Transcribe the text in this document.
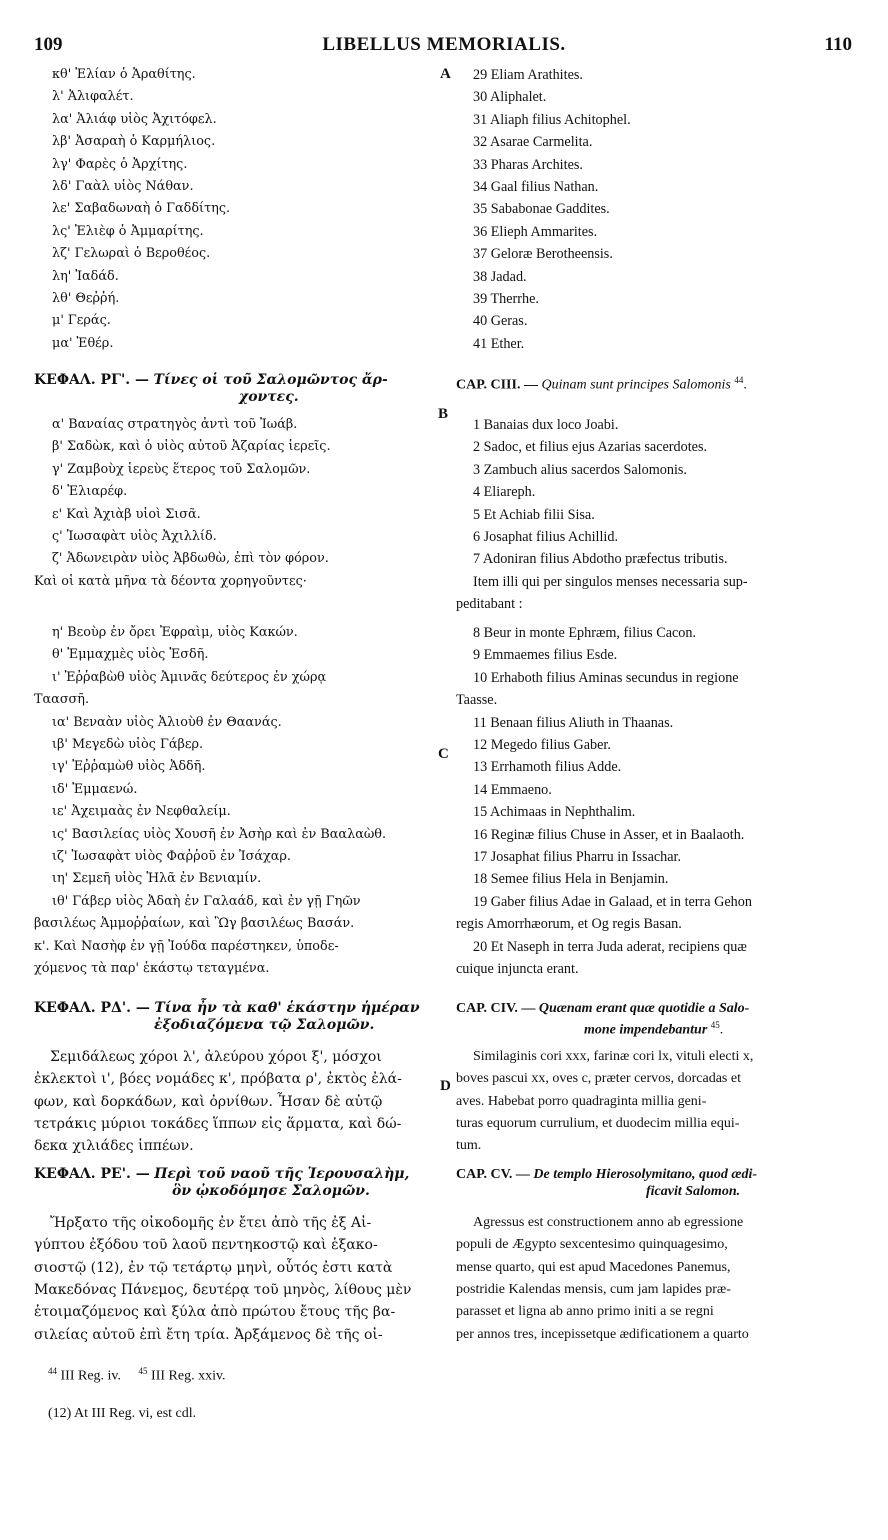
109	LIBELLUS MEMORIALIS.	110
A
B
C
D
κθ' Ἐλίαν ὁ Ἀραθίτης.
λ' Ἀλιφαλέτ.
λα' Ἀλιάφ υἱὸς Ἀχιτόφελ.
λβ' Ἀσαραὴ ὁ Καρμήλιος.
λγ' Φαρὲς ὁ Ἀρχίτης.
λδ' Γαὰλ υἱὸς Νάθαν.
λε' Σαβαδωναὴ ὁ Γαδδίτης.
λς' Ἐλιὲφ ὁ Ἀμμαρίτης.
λζ' Γελωραὶ ὁ Βεροθέος.
λη' Ἰαδάδ.
λθ' Θεῤῥή.
μ' Γεράς.
μα' Ἐθέρ.
29 Eliam Arathites.
30 Aliphalet.
31 Aliaph filius Achitophel.
32 Asarae Carmelita.
33 Pharas Archites.
34 Gaal filius Nathan.
35 Sababonae Gaddites.
36 Elieph Ammarites.
37 Geloræ Berotheensis.
38 Jadad.
39 Therrhe.
40 Geras.
41 Ether.
ΚΕΦΑΛ. ΡΓ'. — Τίνες οἱ τοῦ Σαλομῶντος ἄρ-
χοντες.
CAP. CIII. — Quinam sunt principes Salomonis $^{44}$.
α' Βαναίας στρατηγὸς ἀντὶ τοῦ Ἰωάβ.
β' Σαδὼκ, καὶ ὁ υἱὸς αὐτοῦ Ἀζαρίας ἱερεῖς.
γ' Ζαμβοὺχ ἱερεὺς ἕτερος τοῦ Σαλομῶν.
δ' Ἐλιαρέφ.
ε' Καὶ Ἀχιὰβ υἱοὶ Σισᾶ.
ς' Ἰωσαφὰτ υἱὸς Ἀχιλλίδ.
ζ' Ἀδωνειρὰν υἱὸς Ἀβδωθὼ, ἐπὶ τὸν φόρον.
Καὶ οἱ κατὰ μῆνα τὰ δέοντα χορηγοῦντες·
1 Banaias dux loco Joabi.
2 Sadoc, et filius ejus Azarias sacerdotes.
3 Zambuch alius sacerdos Salomonis.
4 Eliareph.
5 Et Achiab filii Sisa.
6 Josaphat filius Achillid.
7 Adoniran filius Abdotho præfectus tributis.
Item illi qui per singulos menses necessaria sup-
peditabant :
η' Βεοὺρ ἐν ὄρει Ἐφραὶμ, υἱὸς Κακών.
θ' Ἐμμαχμὲς υἱὸς Ἐσδῆ.
ι' Ἐῤῥαβὼθ υἱὸς Ἀμινᾶς δεύτερος ἐν χώρᾳ
Ταασσῆ.
ια' Βεναὰν υἱὸς Ἀλιοὺθ ἐν Θαανάς.
ιβ' Μεγεδὼ υἱὸς Γάβερ.
ιγ' Ἐῤῥαμὼθ υἱὸς Ἀδδῆ.
ιδ' Ἐμμαενώ.
ιε' Ἀχειμαὰς ἐν Νεφθαλείμ.
ις' Βασιλείας υἱὸς Χουσῆ ἐν Ἀσὴρ καὶ ἐν Βααλαὼθ.
ιζ' Ἰωσαφὰτ υἱὸς Φαῤῥοῦ ἐν Ἰσάχαρ.
ιη' Σεμεῆ υἱὸς Ἡλᾶ ἐν Βενιαμίν.
ιθ' Γάβερ υἱὸς Ἀδαὴ ἐν Γαλαάδ, καὶ ἐν γῇ Γηῶν
βασιλέως Ἀμμοῤῥαίων, καὶ Ὢγ βασιλέως Βασάν.
κ'. Καὶ Νασὴφ ἐν γῇ Ἰούδα παρέστηκεν, ὑποδε-
χόμενος τὰ παρ' ἑκάστῳ τεταγμένα.
8 Beur in monte Ephræm, filius Cacon.
9 Emmaemes filius Esde.
10 Erhaboth filius Aminas secundus in regione
Taasse.
11 Benaan filius Aliuth in Thaanas.
12 Megedo filius Gaber.
13 Errhamoth filius Adde.
14 Emmaeno.
15 Achimaas in Nephthalim.
16 Reginæ filius Chuse in Asser, et in Baalaoth.
17 Josaphat filius Pharru in Issachar.
18 Semee filius Hela in Benjamin.
19 Gaber filius Adae in Galaad, et in terra Gehon
regis Amorrhæorum, et Og regis Basan.
20 Et Naseph in terra Juda aderat, recipiens quæ
cuique injuncta erant.
ΚΕΦΑΛ. ΡΔ'. — Τίνα ἦν τὰ καθ' ἑκάστην ἡμέραν
ἐξοδιαζόμενα τῷ Σαλομῶν.
CAP. CIV. — Quænam erant quæ quotidie a Salo-
mone impendebantur $^{45}$.
Σεμιδάλεως χόροι λ', ἀλεύρου χόροι ξ', μόσχοι
ἐκλεκτοὶ ι', βόες νομάδες κ', πρόβατα ρ', ἐκτὸς ἐλά-
φων, καὶ δορκάδων, καὶ ὀρνίθων. Ἦσαν δὲ αὐτῷ
τετράκις μύριοι τοκάδες ἵππων εἰς ἅρματα, καὶ δώ-
δεκα χιλιάδες ἱππέων.
Similaginis cori xxx, farinæ cori lx, vituli electi x,
boves pascui xx, oves c, præter cervos, dorcadas et
aves. Habebat porro quadraginta millia geni-
turas equorum currulium, et duodecim millia equi-
tum.
ΚΕΦΑΛ. ΡΕ'. — Περὶ τοῦ ναοῦ τῆς Ἱερουσαλὴμ,
ὃν ᾠκοδόμησε Σαλομῶν.
CAP. CV. — De templo Hierosolymitano, quod ædi-
ficavit Salomon.
Ἤρξατο τῆς οἰκοδομῆς ἐν ἔτει ἀπὸ τῆς ἐξ Αἰ-
γύπτου ἐξόδου τοῦ λαοῦ πεντηκοστῷ καὶ ἑξακο-
σιοστῷ (12), ἐν τῷ τετάρτῳ μηνὶ, οὗτός ἐστι κατὰ
Μακεδόνας Πάνεμος, δευτέρᾳ τοῦ μηνὸς, λίθους μὲν
ἑτοιμαζόμενος καὶ ξύλα ἀπὸ πρώτου ἔτους τῆς βα-
σιλείας αὐτοῦ ἐπὶ ἔτη τρία. Ἀρξάμενος δὲ τῆς οἰ-
Agressus est constructionem anno ab egressione
populi de Ægypto sexcentesimo quinquagesimo,
mense quarto, qui est apud Macedones Panemus,
postridie Kalendas mensis, cum jam lapides præ-
parasset et ligna ab anno primo initi a se regni
per annos tres, incepissetque ædificationem a quarto
$^{44}$ III Reg. iv. $^{45}$ III Reg. xxiv.
(12) At III Reg. vi, est cdl.
